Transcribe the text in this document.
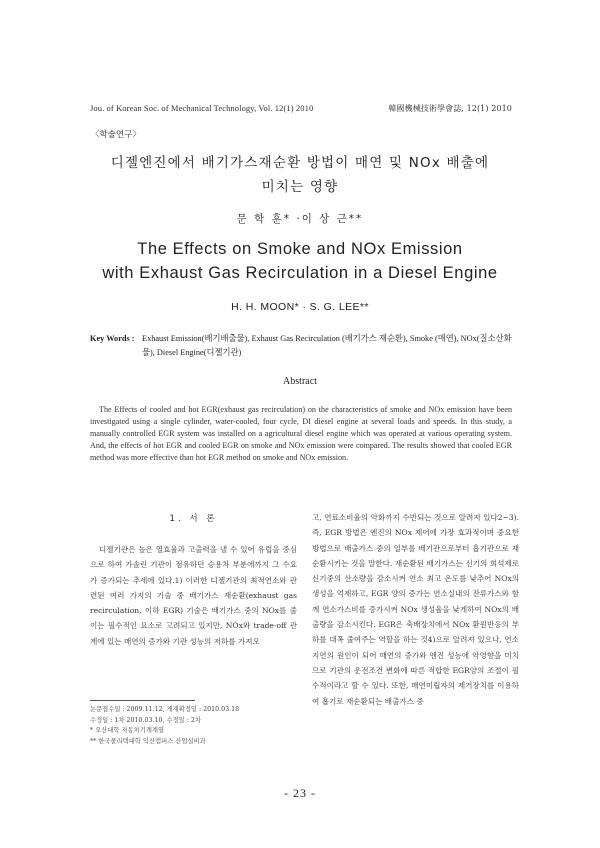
Jou. of Korean Soc. of Mechanical Technology, Vol. 12(1) 2010	韓國機械技術學會誌, 12(1) 2010
〈학술연구〉
디젤엔진에서 배기가스재순환 방법이 매연 및 NOx 배출에
미치는 영향
문 학 훈* ·이 상 근**
The Effects on Smoke and NOx Emission
with Exhaust Gas Recirculation in a Diesel Engine
H. H. MOON* · S. G. LEE**
Key Words : Exhaust Emission(배기배출물), Exhaust Gas Recirculation (배기가스 재순환), Smoke (매연), NOx(질소산화물), Diesel Engine(디젤기관)
Abstract
The Effects of cooled and hot EGR(exhaust gas recirculation) on the characteristics of smoke and NOx emission have been investigated using a single cylinder, water-cooled, four cycle, DI diesel engine at several loads and speeds. In this study, a manually controlled EGR system was installed on a agricultural diesel engine which was operated at various operating system. And, the effects of hot EGR and cooled EGR on smoke and NOx emission were compared. The results showed that cooled EGR method was more effective than hot EGR method on smoke and NOx emission.
1. 서 론
디젤기관은 높은 열효율과 고출력을 낼 수 있어 유럽을 중심으로 하여 가솔린 기관이 점유하던 승용차 부분에까지 그 수요가 증가되는 추세에 있다.1) 이러한 디젤기관의 최적연소와 관련된 여러 가지의 기술 중 배기가스 재순환(exhaust gas recirculation, 이하 EGR) 기술은 배기가스 중의 NOx를 줄이는 필수적인 요소로 고려되고 있지만, NOx와 trade-off 관계에 있는 매연의 증가와 기관 성능의 저하를 가져오
고, 연료소비율의 악화까지 수반되는 것으로 알려져 있다2~3). 즉, EGR 방법은 엔진의 NOx 제어에 가장 효과적이며 중요한 방법으로 배출가스 중의 일부를 배기관으로부터 흡기관으로 재순환시키는 것을 말한다. 재순환된 배기가스는 신기의 희석제로 신기중의 산소량을 감소시켜 연소 최고 온도를 낮추어 NOx의 생성을 억제하고, EGR 양의 증가는 연소실내의 잔류가스와 함께 연소가스비를 증가시켜 NOx 생성율을 낮게하여 NOx의 배출량을 감소시킨다. EGR은 축배장치에서 NOx 환원반응의 부하를 대폭 줄여주는 역할을 하는 것4)으로 알려져 있으나, 연소지연의 원인이 되어 매연의 증가와 엔진 성능에 악영향을 미치므로 기관의 운전조건 변화에 따른 적합한 EGR양의 조절이 필수적이라고 할 수 있다. 또한, 매연미립자의 제거장치를 이용하여 흡기로 재순환되는 배출가스 중
논문접수일 : 2009.11.12, 게재확정일 : 2010.03.18
수정일 : 1차 2010.03.10, 수정일 : 2차
* 오산대학 자동차기계계열
** 한국폴리텍대학 익산캠퍼스 산업설비과
- 23 -
